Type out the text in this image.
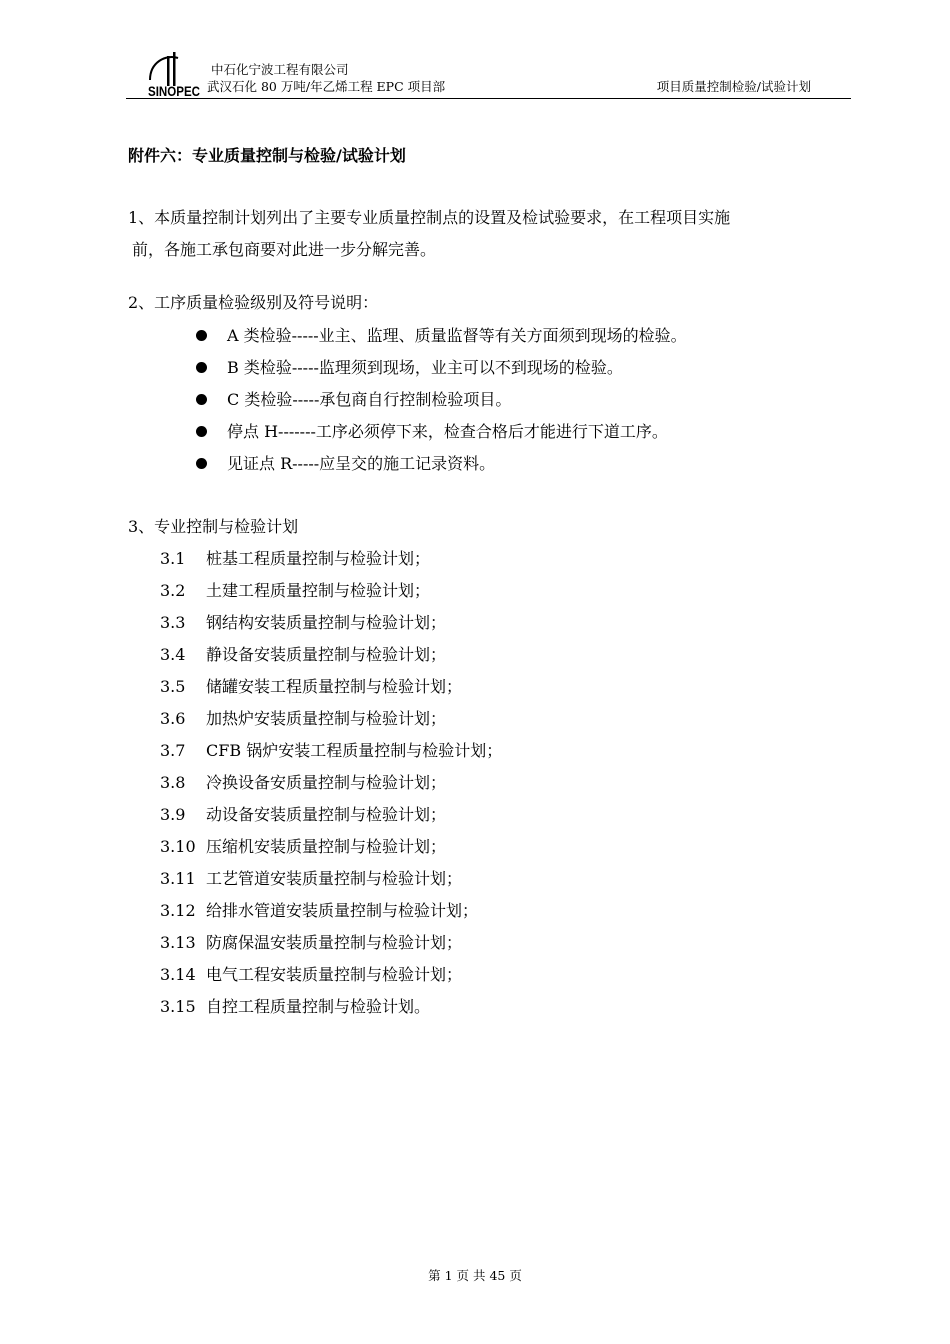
SINOPEC
中石化宁波工程有限公司
武汉石化 80 万吨/年乙烯工程 EPC 项目部	项目质量控制检验/试验计划
附件六：专业质量控制与检验/试验计划
1、本质量控制计划列出了主要专业质量控制点的设置及检试验要求，在工程项目实施
前，各施工承包商要对此进一步分解完善。
2、工序质量检验级别及符号说明：
A 类检验-----业主、监理、质量监督等有关方面须到现场的检验。
B 类检验-----监理须到现场，业主可以不到现场的检验。
C 类检验-----承包商自行控制检验项目。
停点 H-------工序必须停下来，检查合格后才能进行下道工序。
见证点 R-----应呈交的施工记录资料。
3、专业控制与检验计划
3.1 桩基工程质量控制与检验计划；
3.2 土建工程质量控制与检验计划；
3.3 钢结构安装质量控制与检验计划；
3.4 静设备安装质量控制与检验计划；
3.5 储罐安装工程质量控制与检验计划；
3.6 加热炉安装质量控制与检验计划；
3.7 CFB 锅炉安装工程质量控制与检验计划；
3.8 冷换设备安质量控制与检验计划；
3.9 动设备安装质量控制与检验计划；
3.10 压缩机安装质量控制与检验计划；
3.11 工艺管道安装质量控制与检验计划；
3.12 给排水管道安装质量控制与检验计划；
3.13 防腐保温安装质量控制与检验计划；
3.14 电气工程安装质量控制与检验计划；
3.15 自控工程质量控制与检验计划。
第 1 页 共 45 页
